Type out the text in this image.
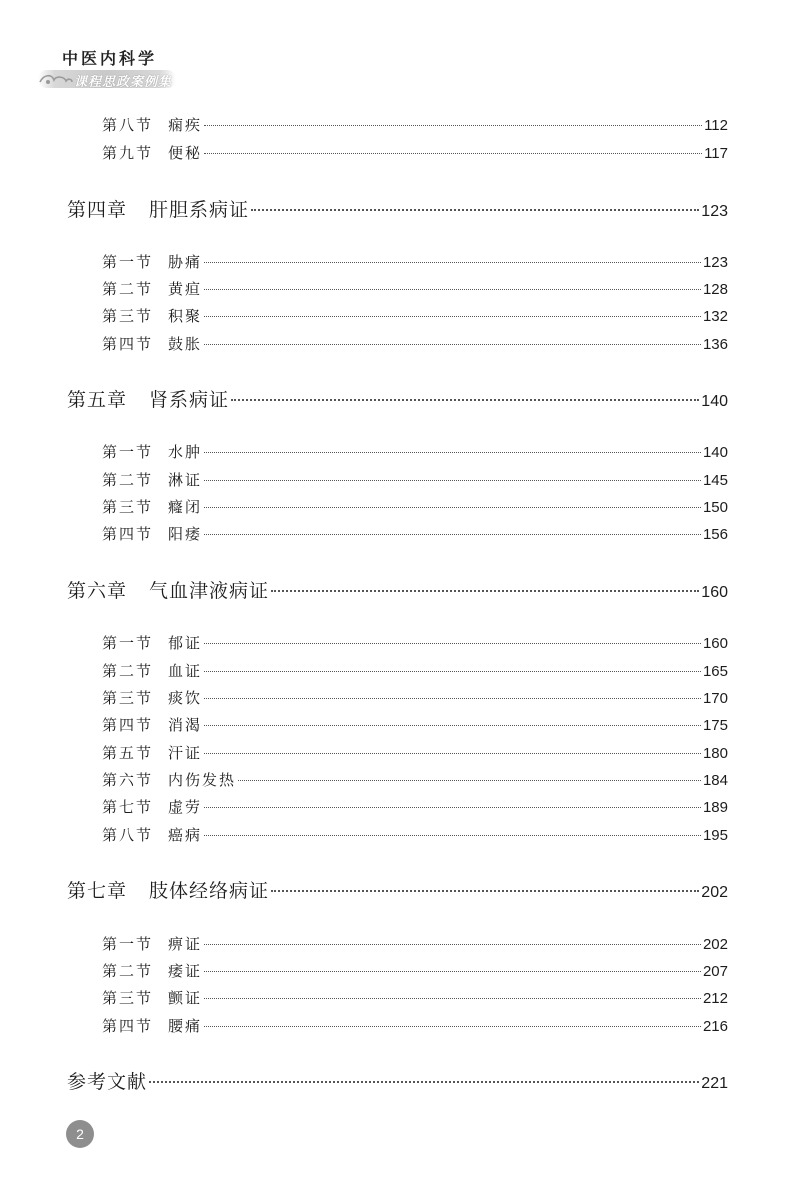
中医内科学
课程思政案例集
第八节 痫疾	112
第九节 便秘	117
第四章	肝胆系病证	123
第一节 胁痛	123
第二节 黄疸	128
第三节 积聚	132
第四节 鼓胀	136
第五章	肾系病证	140
第一节 水肿	140
第二节 淋证	145
第三节 癃闭	150
第四节 阳痿	156
第六章	气血津液病证	160
第一节 郁证	160
第二节 血证	165
第三节 痰饮	170
第四节 消渴	175
第五节 汗证	180
第六节 内伤发热	184
第七节 虚劳	189
第八节 癌病	195
第七章	肢体经络病证	202
第一节 痹证	202
第二节 痿证	207
第三节 颤证	212
第四节 腰痛	216
参考文献	221
2
